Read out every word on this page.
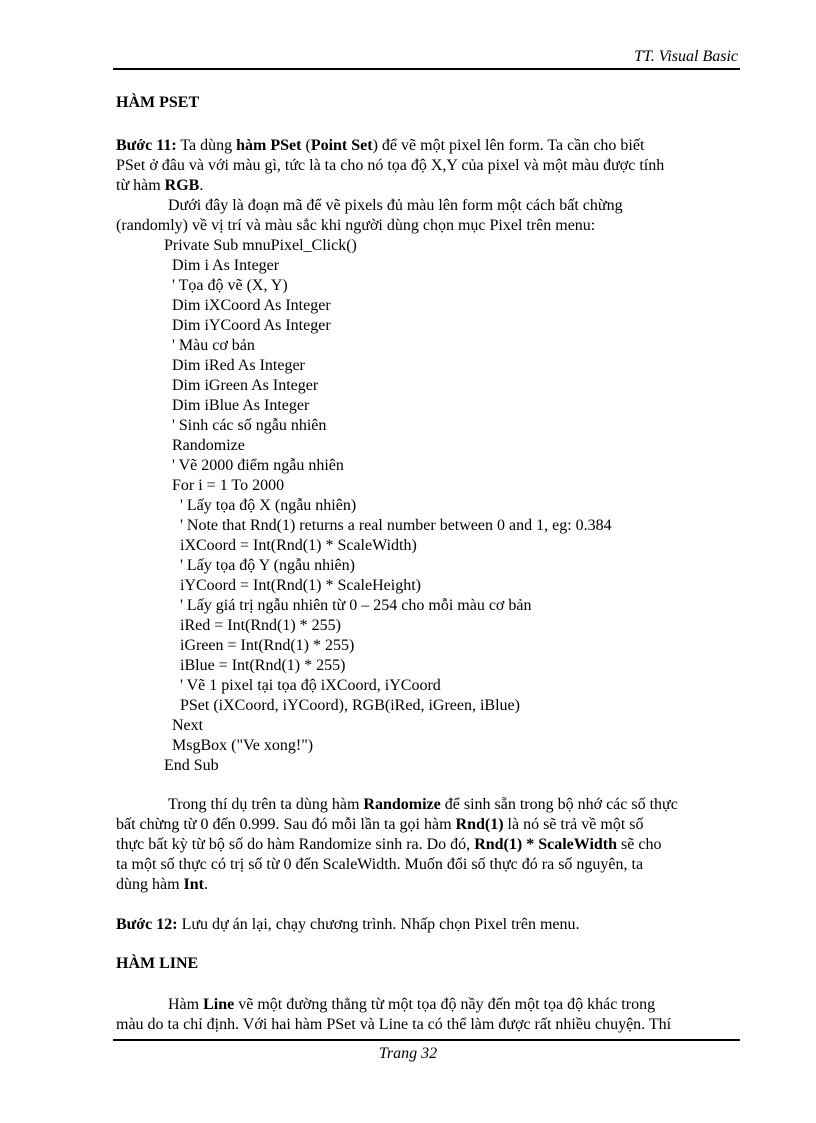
TT. Visual Basic
HÀM PSET
Bước 11: Ta dùng hàm PSet (Point Set) để vẽ một pixel lên form. Ta cần cho biết
PSet ở đâu và với màu gì, tức là ta cho nó tọa độ X,Y của pixel và một màu được tính
từ hàm RGB.
Dưới đây là đoạn mã để vẽ pixels đủ màu lên form một cách bất chừng
(randomly) về vị trí và màu sắc khi người dùng chọn mục Pixel trên menu:
Private Sub mnuPixel_Click()
Dim i As Integer
' Tọa độ vẽ (X, Y)
Dim iXCoord As Integer
Dim iYCoord As Integer
' Màu cơ bản
Dim iRed As Integer
Dim iGreen As Integer
Dim iBlue As Integer
' Sinh các số ngẫu nhiên
Randomize
' Vẽ 2000 điểm ngẫu nhiên
For i = 1 To 2000
' Lấy tọa độ X (ngẫu nhiên)
' Note that Rnd(1) returns a real number between 0 and 1, eg: 0.384
iXCoord = Int(Rnd(1) * ScaleWidth)
' Lấy tọa độ Y (ngẫu nhiên)
iYCoord = Int(Rnd(1) * ScaleHeight)
' Lấy giá trị ngẫu nhiên từ 0 – 254 cho mỗi màu cơ bản
iRed = Int(Rnd(1) * 255)
iGreen = Int(Rnd(1) * 255)
iBlue = Int(Rnd(1) * 255)
' Vẽ 1 pixel tại tọa độ iXCoord, iYCoord
PSet (iXCoord, iYCoord), RGB(iRed, iGreen, iBlue)
Next
MsgBox ("Ve xong!")
End Sub
Trong thí dụ trên ta dùng hàm Randomize để sinh sẵn trong bộ nhớ các số thực
bất chừng từ 0 đến 0.999. Sau đó mỗi lần ta gọi hàm Rnd(1) là nó sẽ trả về một số
thực bất kỳ từ bộ số do hàm Randomize sinh ra. Do đó, Rnd(1) * ScaleWidth sẽ cho
ta một số thực có trị số từ 0 đến ScaleWidth. Muốn đổi số thực đó ra số nguyên, ta
dùng hàm Int.
Bước 12: Lưu dự án lại, chạy chương trình. Nhấp chọn Pixel trên menu.
HÀM LINE
Hàm Line vẽ một đường thẳng từ một tọa độ nầy đến một tọa độ khác trong
màu do ta chỉ định. Với hai hàm PSet và Line ta có thể làm được rất nhiều chuyện. Thí
Trang 32
